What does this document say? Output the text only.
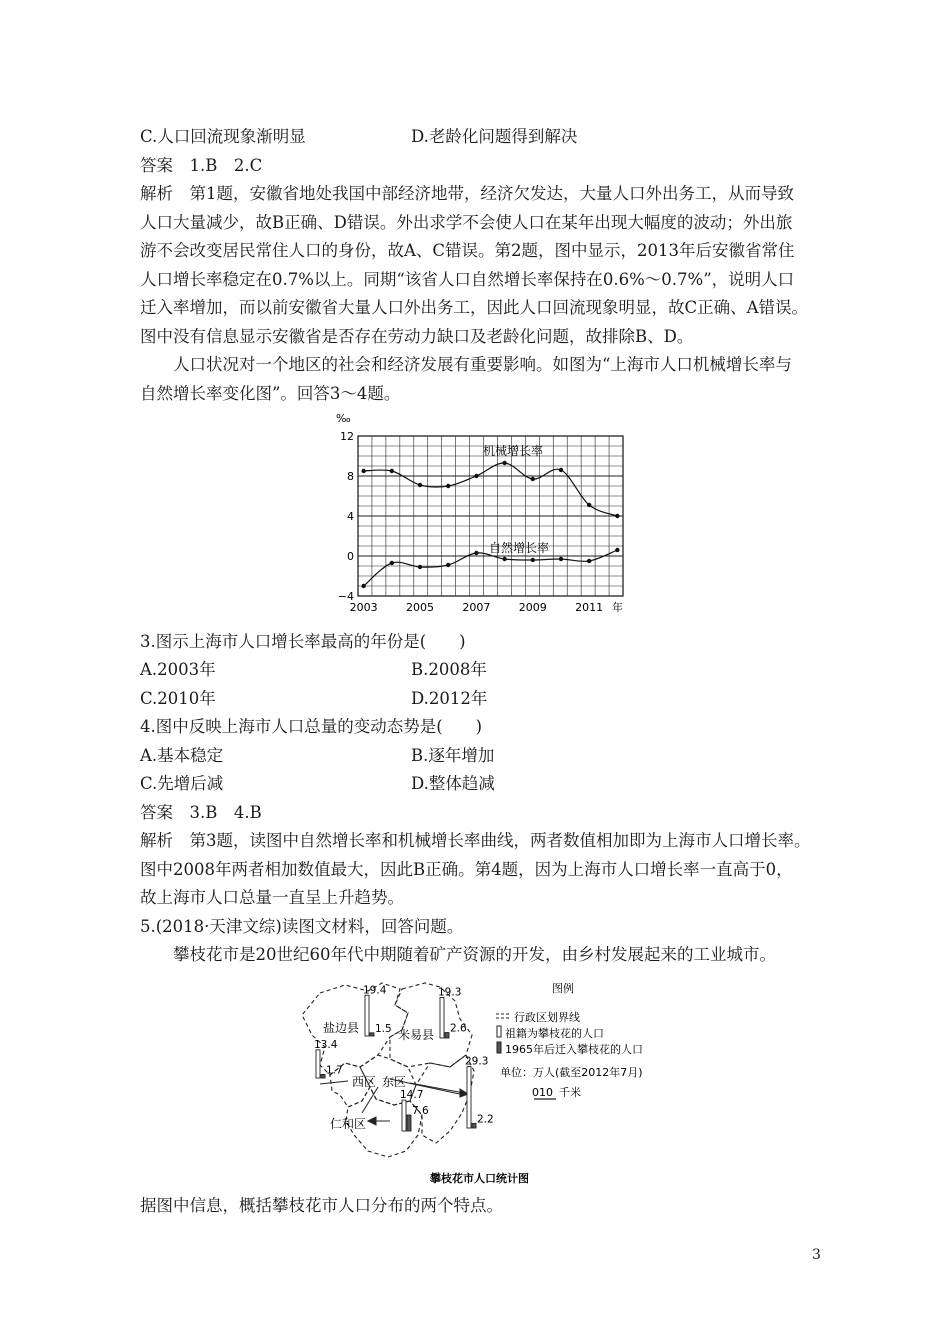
C.人口回流现象渐明显	D.老龄化问题得到解决
答案　1.B　2.C
解析　第1题，安徽省地处我国中部经济地带，经济欠发达，大量人口外出务工，从而导致
人口大量减少，故B正确、D错误。外出求学不会使人口在某年出现大幅度的波动；外出旅
游不会改变居民常住人口的身份，故A、C错误。第2题，图中显示，2013年后安徽省常住
人口增长率稳定在0.7%以上。同期“该省人口自然增长率保持在0.6%～0.7%”，说明人口
迁入率增加，而以前安徽省大量人口外出务工，因此人口回流现象明显，故C正确、A错误。
图中没有信息显示安徽省是否存在劳动力缺口及老龄化问题，故排除B、D。
　　人口状况对一个地区的社会和经济发展有重要影响。如图为“上海市人口机械增长率与
自然增长率变化图”。回答3～4题。
‰
12
8
4
0
−4
2003	2005	2007	2009	2011 年
机械增长率
自然增长率
3.图示上海市人口增长率最高的年份是(　　)
A.2003年	B.2008年
C.2010年	D.2012年
4.图中反映上海市人口总量的变动态势是(　　)
A.基本稳定	B.逐年增加
C.先增后减	D.整体趋减
答案　3.B　4.B
解析　第3题，读图中自然增长率和机械增长率曲线，两者数值相加即为上海市人口增长率。
图中2008年两者相加数值最大，因此B正确。第4题，因为上海市人口增长率一直高于0，
故上海市人口总量一直呈上升趋势。
5.(2018·天津文综)读图文材料，回答问题。
　　攀枝花市是20世纪60年代中期随着矿产资源的开发，由乡村发展起来的工业城市。
盐边县	米易县
西区 东区
仁和区
19.4
1.5
19.3
2.6
13.4
1.7
14.7
7.6
29.3
2.2
图例
行政区划界线
祖籍为攀枝花的人口
1965年后迁入攀枝花的人口
单位：万人(截至2012年7月)
0 10 千米
攀枝花市人口统计图
据图中信息，概括攀枝花市人口分布的两个特点。
3
